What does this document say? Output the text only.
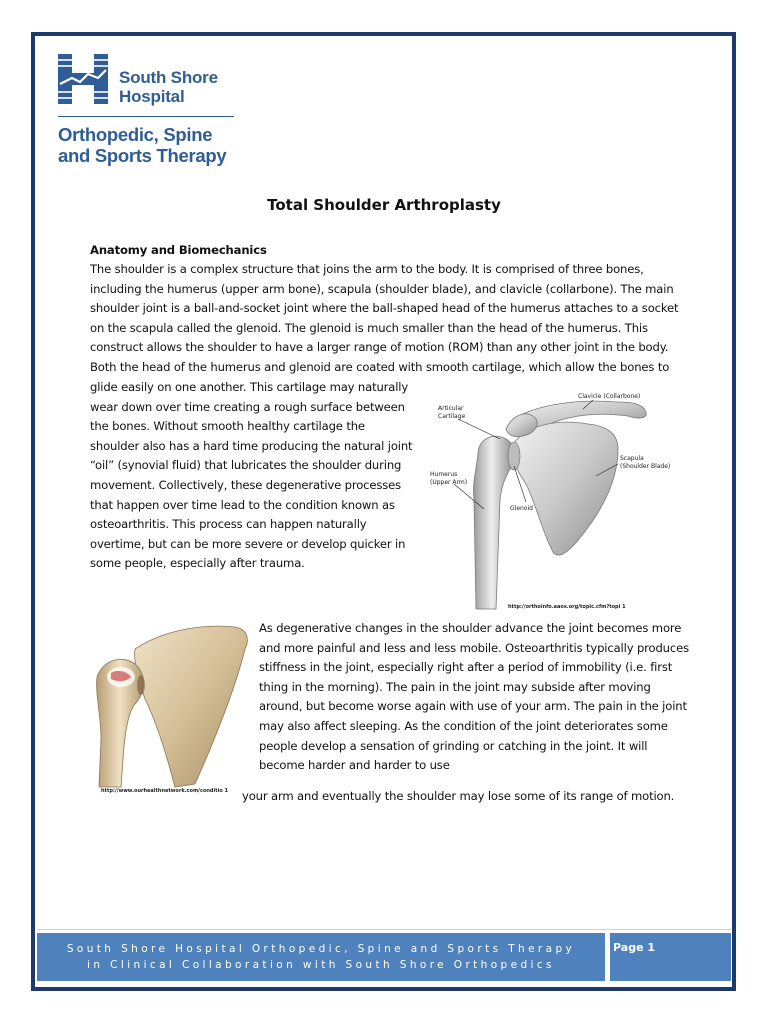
South Shore
Hospital
Orthopedic, Spine
and Sports Therapy
Total Shoulder Arthroplasty
Anatomy and Biomechanics
The shoulder is a complex structure that joins the arm to the body. It is comprised of three bones, including the humerus (upper arm bone), scapula (shoulder blade), and clavicle (collarbone). The main shoulder joint is a ball-and-socket joint where the ball-shaped head of the humerus attaches to a socket on the scapula called the glenoid. The glenoid is much smaller than the head of the humerus. This construct allows the shoulder to have a larger range of motion (ROM) than any other joint in the body. Both the head of the humerus and glenoid are coated with smooth cartilage, which allow the bones to
glide easily on one another. This cartilage may naturally wear down over time creating a rough surface between the bones. Without smooth healthy cartilage the shoulder also has a hard time producing the natural joint “oil” (synovial fluid) that lubricates the shoulder during movement. Collectively, these degenerative processes that happen over time lead to the condition known as osteoarthritis. This process can happen naturally overtime, but can be more severe or develop quicker in some people, especially after trauma.
Clavicle (Collarbone)
Articular
Cartilage
Scapula
(Shoulder Blade)
Humerus
(Upper Arm)
Glenoid
http://orthoinfo.aaos.org/topic.cfm?topi 1
http://www.ourhealthnetwork.com/conditio 1
As degenerative changes in the shoulder advance the joint becomes more and more painful and less and less mobile. Osteoarthritis typically produces stiffness in the joint, especially right after a period of immobility (i.e. first thing in the morning). The pain in the joint may subside after moving around, but become worse again with use of your arm. The pain in the joint may also affect sleeping. As the condition of the joint deteriorates some people develop a sensation of grinding or catching in the joint. It will become harder and harder to use
your arm and eventually the shoulder may lose some of its range of motion.
South Shore Hospital Orthopedic, Spine and Sports Therapy
in Clinical Collaboration with South Shore Orthopedics
Page 1
